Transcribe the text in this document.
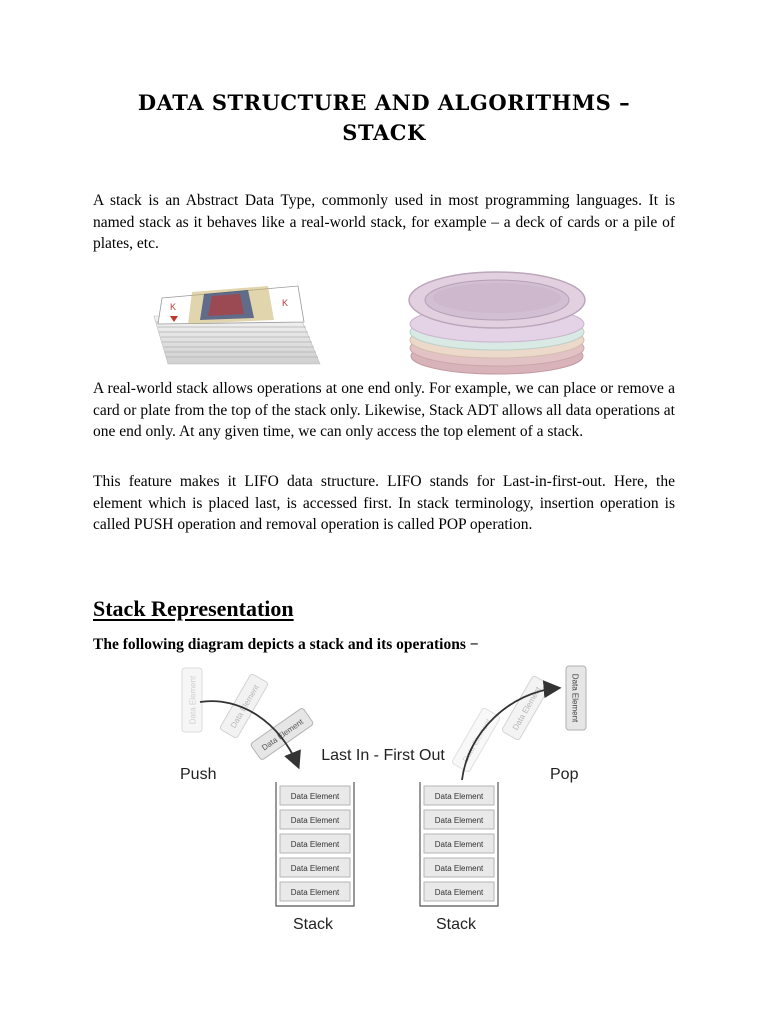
DATA STRUCTURE AND ALGORITHMS –
STACK

A stack is an Abstract Data Type, commonly used in most programming languages. It is named stack as it behaves like a real-world stack, for example – a deck of cards or a pile of plates, etc.

K	K

A real-world stack allows operations at one end only. For example, we can place or remove a card or plate from the top of the stack only. Likewise, Stack ADT allows all data operations at one end only. At any given time, we can only access the top element of a stack.

This feature makes it LIFO data structure. LIFO stands for Last-in-first-out. Here, the element which is placed last, is accessed first. In stack terminology, insertion operation is called PUSH operation and removal operation is called POP operation.

Stack Representation

The following diagram depicts a stack and its operations −

Data Element	Data Element
Data Element	Data Element
Data Element	Data Element
Last In - First Out
Push	Pop
Data Element
Data Element
Data Element
Data Element
Data Element
Stack
Data Element
Data Element
Data Element
Data Element
Data Element
Stack
